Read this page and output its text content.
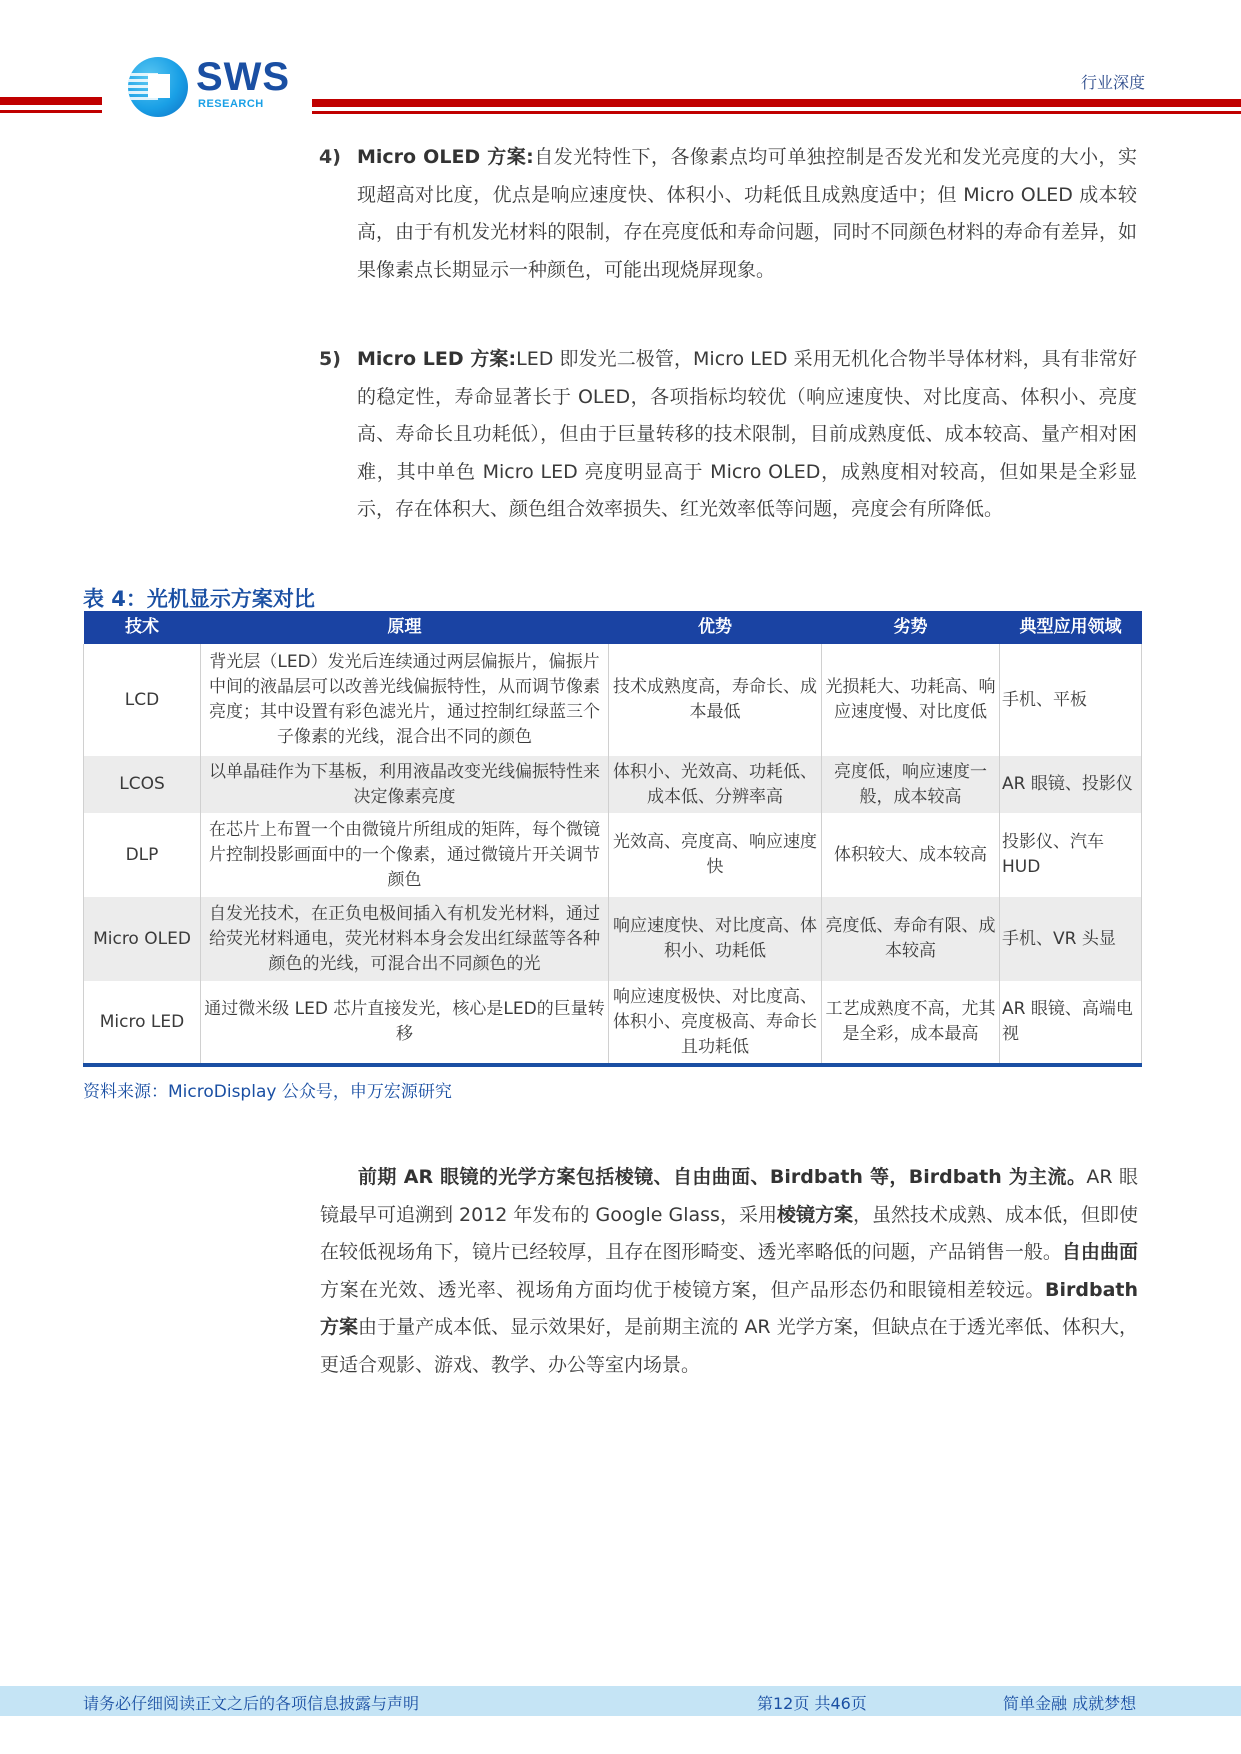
SWS
RESEARCH
行业深度
4) Micro OLED 方案:自发光特性下，各像素点均可单独控制是否发光和发光亮度的大小，实现超高对比度，优点是响应速度快、体积小、功耗低且成熟度适中；但 Micro OLED 成本较高，由于有机发光材料的限制，存在亮度低和寿命问题，同时不同颜色材料的寿命有差异，如果像素点长期显示一种颜色，可能出现烧屏现象。

5) Micro LED 方案:LED 即发光二极管，Micro LED 采用无机化合物半导体材料，具有非常好的稳定性，寿命显著长于 OLED，各项指标均较优（响应速度快、对比度高、体积小、亮度高、寿命长且功耗低），但由于巨量转移的技术限制，目前成熟度低、成本较高、量产相对困难，其中单色 Micro LED 亮度明显高于 Micro OLED，成熟度相对较高，但如果是全彩显示，存在体积大、颜色组合效率损失、红光效率低等问题，亮度会有所降低。

表 4：光机显示方案对比
技术	原理	优势	劣势	典型应用领域
LCD	背光层（LED）发光后连续通过两层偏振片，偏振片中间的液晶层可以改善光线偏振特性，从而调节像素亮度；其中设置有彩色滤光片，通过控制红绿蓝三个子像素的光线，混合出不同的颜色	技术成熟度高，寿命长、成本最低	光损耗大、功耗高、响应速度慢、对比度低	手机、平板
LCOS	以单晶硅作为下基板，利用液晶改变光线偏振特性来决定像素亮度	体积小、光效高、功耗低、成本低、分辨率高	亮度低，响应速度一般，成本较高	AR 眼镜、投影仪
DLP	在芯片上布置一个由微镜片所组成的矩阵，每个微镜片控制投影画面中的一个像素，通过微镜片开关调节颜色	光效高、亮度高、响应速度快	体积较大、成本较高	投影仪、汽车 HUD
Micro OLED	自发光技术，在正负电极间插入有机发光材料，通过给荧光材料通电，荧光材料本身会发出红绿蓝等各种颜色的光线，可混合出不同颜色的光	响应速度快、对比度高、体积小、功耗低	亮度低、寿命有限、成本较高	手机、VR 头显
Micro LED	通过微米级 LED 芯片直接发光，核心是LED的巨量转移	响应速度极快、对比度高、体积小、亮度极高、寿命长且功耗低	工艺成熟度不高，尤其是全彩，成本最高	AR 眼镜、高端电视
资料来源：MicroDisplay 公众号，申万宏源研究

前期 AR 眼镜的光学方案包括棱镜、自由曲面、Birdbath 等，Birdbath 为主流。AR 眼镜最早可追溯到 2012 年发布的 Google Glass，采用棱镜方案，虽然技术成熟、成本低，但即使在较低视场角下，镜片已经较厚，且存在图形畸变、透光率略低的问题，产品销售一般。自由曲面方案在光效、透光率、视场角方面均优于棱镜方案，但产品形态仍和眼镜相差较远。Birdbath 方案由于量产成本低、显示效果好，是前期主流的 AR 光学方案，但缺点在于透光率低、体积大，更适合观影、游戏、教学、办公等室内场景。

请务必仔细阅读正文之后的各项信息披露与声明	第12页 共46页	简单金融 成就梦想
